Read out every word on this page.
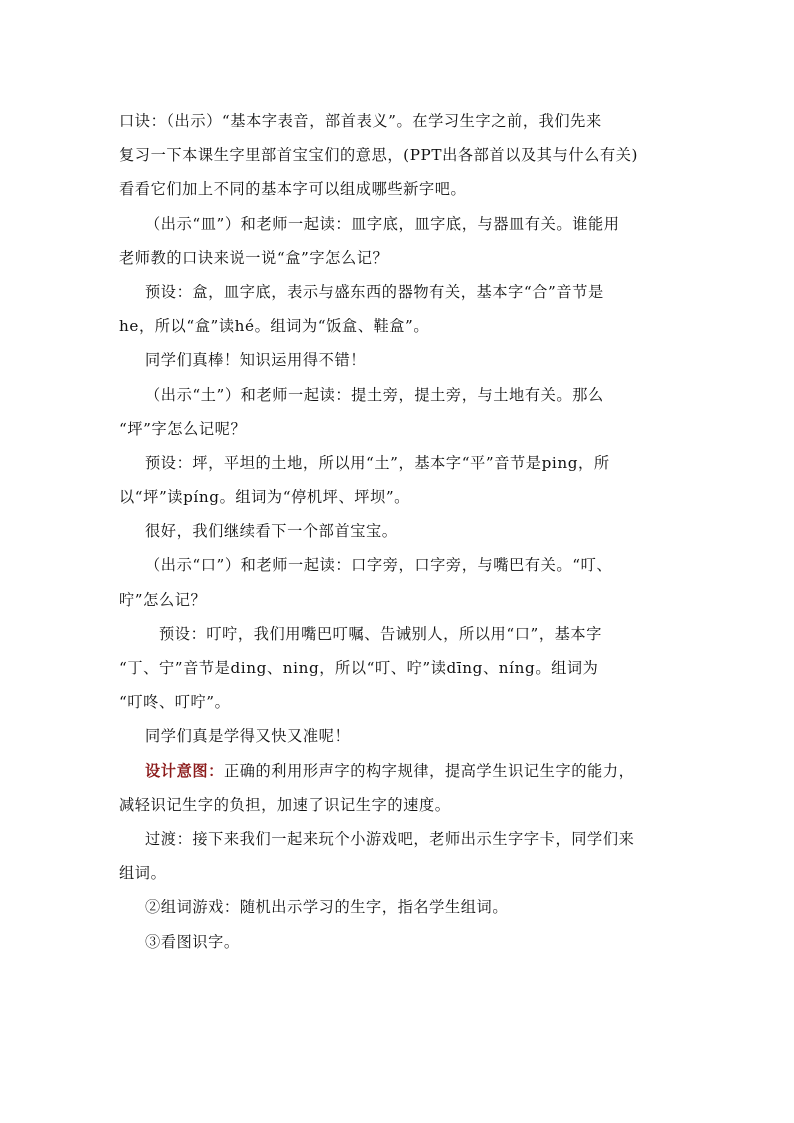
口诀：（出示）“基本字表音，部首表义”。在学习生字之前，我们先来
复习一下本课生字里部首宝宝们的意思，(PPT出各部首以及其与什么有关)
看看它们加上不同的基本字可以组成哪些新字吧。
（出示“皿”）和老师一起读：皿字底，皿字底，与器皿有关。谁能用
老师教的口诀来说一说“盒”字怎么记？
预设：盒，皿字底，表示与盛东西的器物有关，基本字“合”音节是
he，所以“盒”读hé。组词为“饭盒、鞋盒”。
同学们真棒！知识运用得不错！
（出示“土”）和老师一起读：提土旁，提土旁，与土地有关。那么
“坪”字怎么记呢？
预设：坪，平坦的土地，所以用“土”，基本字“平”音节是ping，所
以“坪”读píng。组词为“停机坪、坪坝”。
很好，我们继续看下一个部首宝宝。
（出示“口”）和老师一起读：口字旁，口字旁，与嘴巴有关。“叮、
咛”怎么记？
预设：叮咛，我们用嘴巴叮嘱、告诫别人，所以用“口”，基本字
“丁、宁”音节是ding、ning，所以“叮、咛”读dīng、níng。组词为
“叮咚、叮咛”。
同学们真是学得又快又准呢！
设计意图：正确的利用形声字的构字规律，提高学生识记生字的能力，
减轻识记生字的负担，加速了识记生字的速度。
过渡：接下来我们一起来玩个小游戏吧，老师出示生字字卡，同学们来
组词。
②组词游戏：随机出示学习的生字，指名学生组词。
③看图识字。
